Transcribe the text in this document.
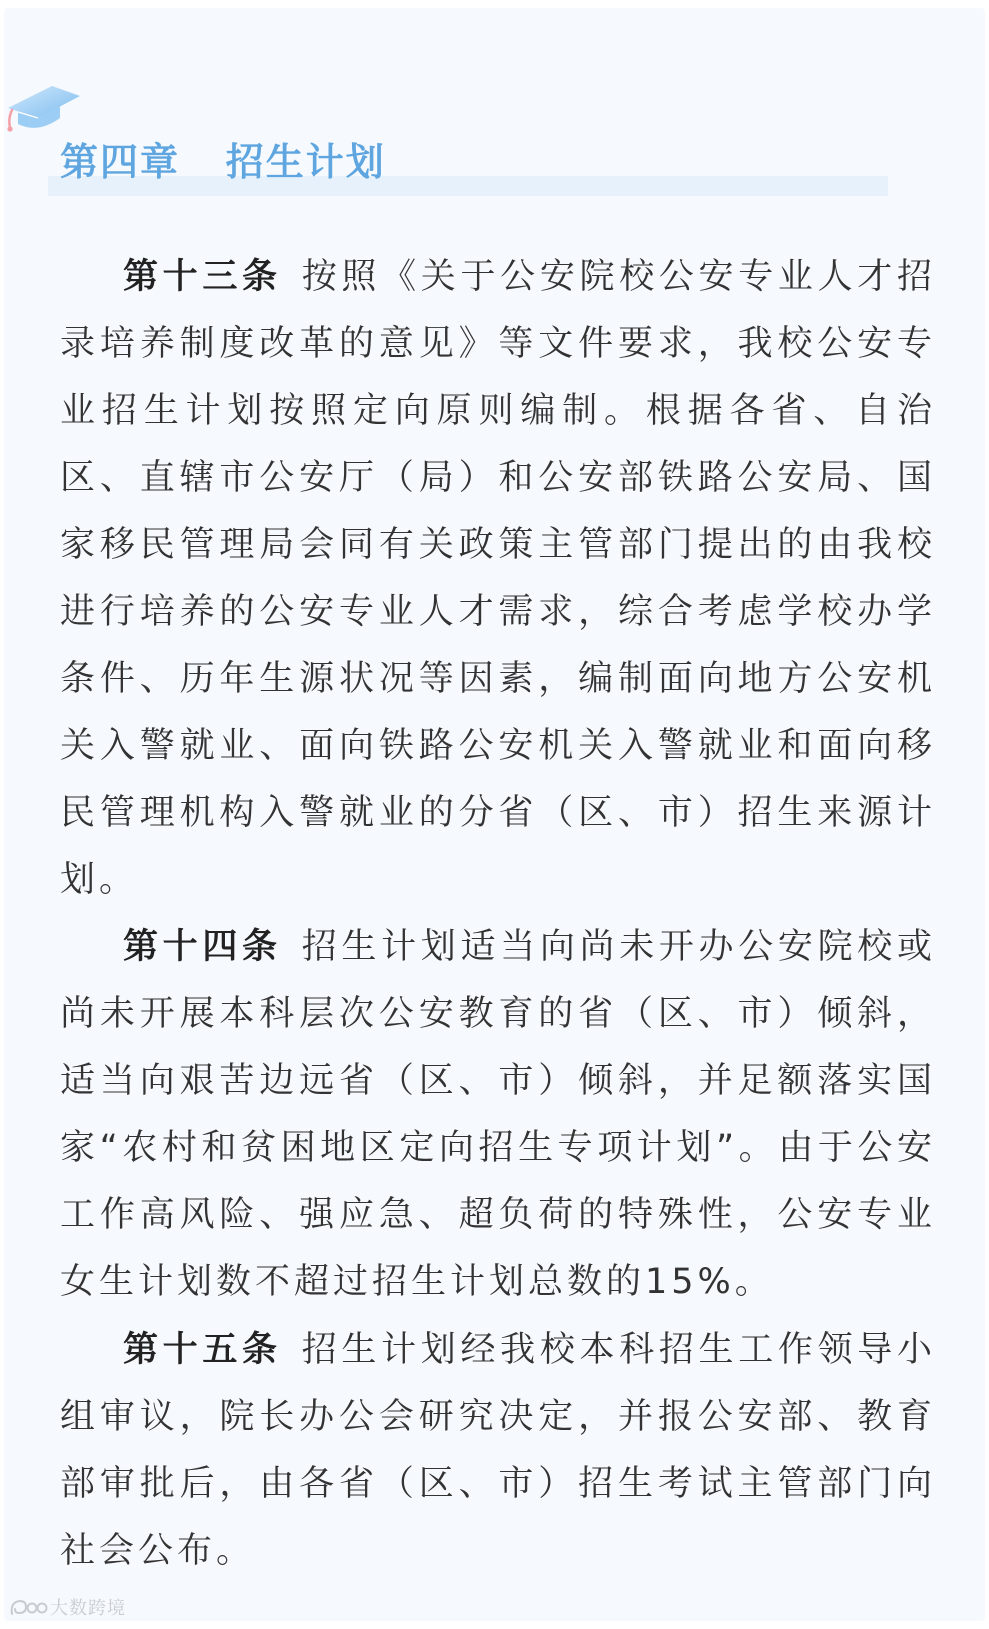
第四章   招生计划

第十三条 按照《关于公安院校公安专业人才招录培养制度改革的意见》等文件要求，我校公安专业招生计划按照定向原则编制。根据各省、自治区、直辖市公安厅（局）和公安部铁路公安局、国家移民管理局会同有关政策主管部门提出的由我校进行培养的公安专业人才需求，综合考虑学校办学条件、历年生源状况等因素，编制面向地方公安机关入警就业、面向铁路公安机关入警就业和面向移民管理机构入警就业的分省（区、市）招生来源计划。

第十四条 招生计划适当向尚未开办公安院校或尚未开展本科层次公安教育的省（区、市）倾斜，适当向艰苦边远省（区、市）倾斜，并足额落实国家“农村和贫困地区定向招生专项计划”。由于公安工作高风险、强应急、超负荷的特殊性，公安专业女生计划数不超过招生计划总数的15%。

第十五条 招生计划经我校本科招生工作领导小组审议，院长办公会研究决定，并报公安部、教育部审批后，由各省（区、市）招生考试主管部门向社会公布。

大数跨境
